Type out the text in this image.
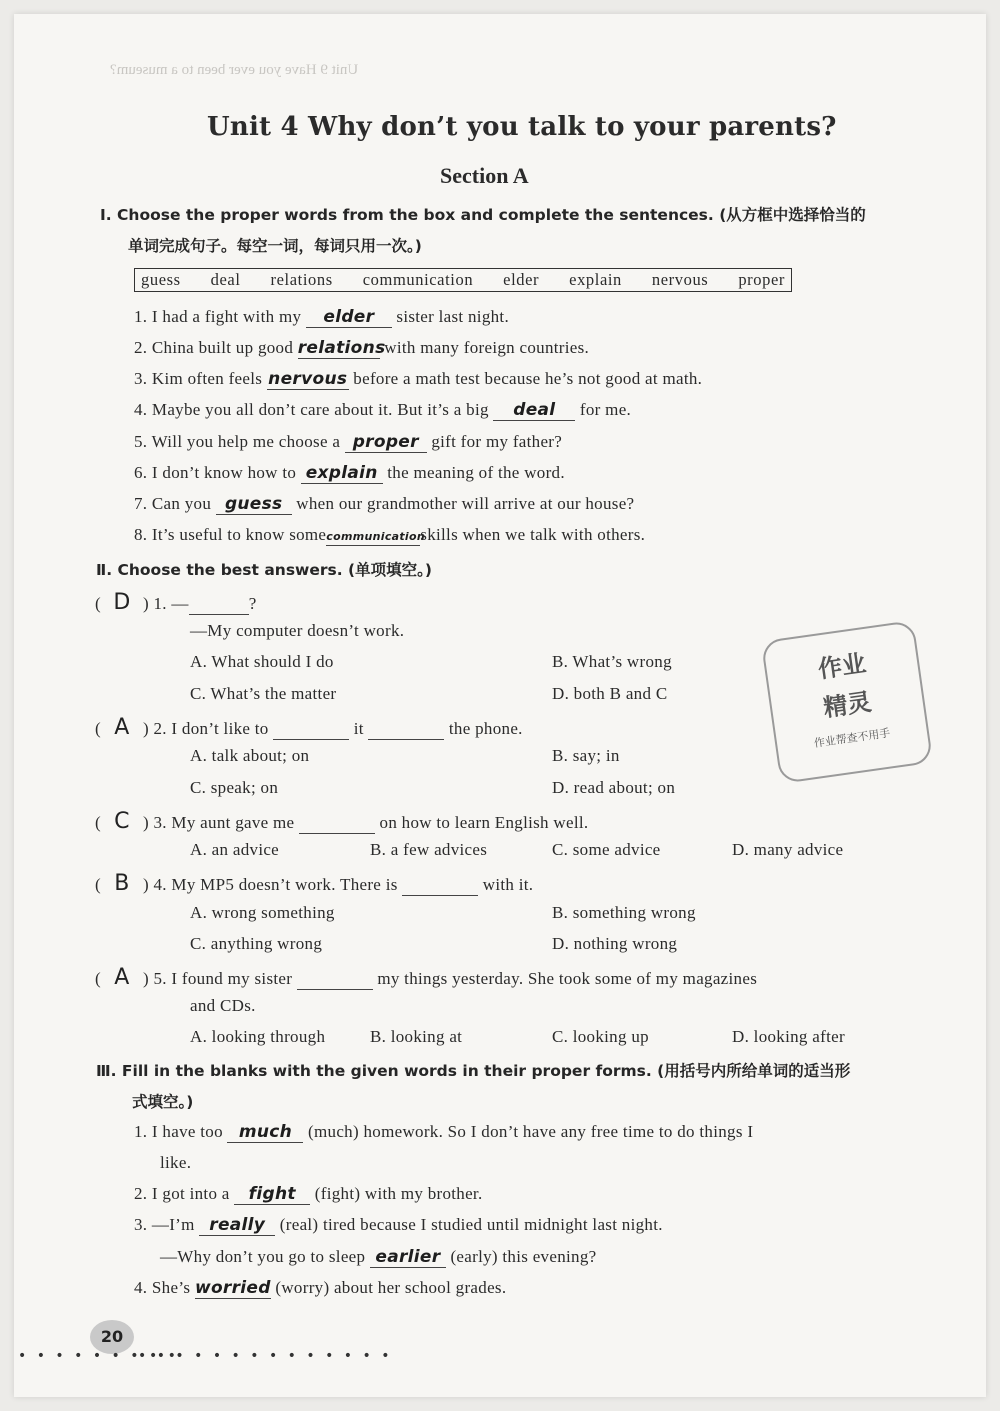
Unit 9 Have you ever been to a museum?
Unit 4 Why don’t you talk to your parents?
Section A
Ⅰ. Choose the proper words from the box and complete the sentences. (从方框中选择恰当的
单词完成句子。每空一词，每词只用一次。)
guess deal relations communication elder explain nervous proper
1. I had a fight with my elder sister last night.
2. China built up good relations with many foreign countries.
3. Kim often feels nervous before a math test because he’s not good at math.
4. Maybe you all don’t care about it. But it’s a big deal for me.
5. Will you help me choose a proper gift for my father?
6. I don’t know how to explain the meaning of the word.
7. Can you guess when our grandmother will arrive at our house?
8. It’s useful to know somecommunicationskills when we talk with others.
Ⅱ. Choose the best answers. (单项填空。)
( D ) 1. —	?
—My computer doesn’t work.
A. What should I do	B. What’s wrong
C. What’s the matter	D. both B and C
( A ) 2. I don’t like to	it	the phone.
A. talk about; on	B. say; in
C. speak; on	D. read about; on
( C ) 3. My aunt gave me	on how to learn English well.
A. an advice	B. a few advices	C. some advice	D. many advice
( B ) 4. My MP5 doesn’t work. There is	with it.
A. wrong something	B. something wrong
C. anything wrong	D. nothing wrong
( A ) 5. I found my sister	my things yesterday. She took some of my magazines
and CDs.
A. looking through	B. looking at	C. looking up	D. looking after
Ⅲ. Fill in the blanks with the given words in their proper forms. (用括号内所给单词的适当形
式填空。)
1. I have too much (much) homework. So I don’t have any free time to do things I
like.
2. I got into a fight (fight) with my brother.
3. —I’m really (real) tired because I studied until midnight last night.
—Why don’t you go to sleep earlier (early) this evening?
4. She’s worried (worry) about her school grades.
作业
精灵
作业帮查不用手
20
• • • • • • • • •
• • • • • • • • • • • • • •
